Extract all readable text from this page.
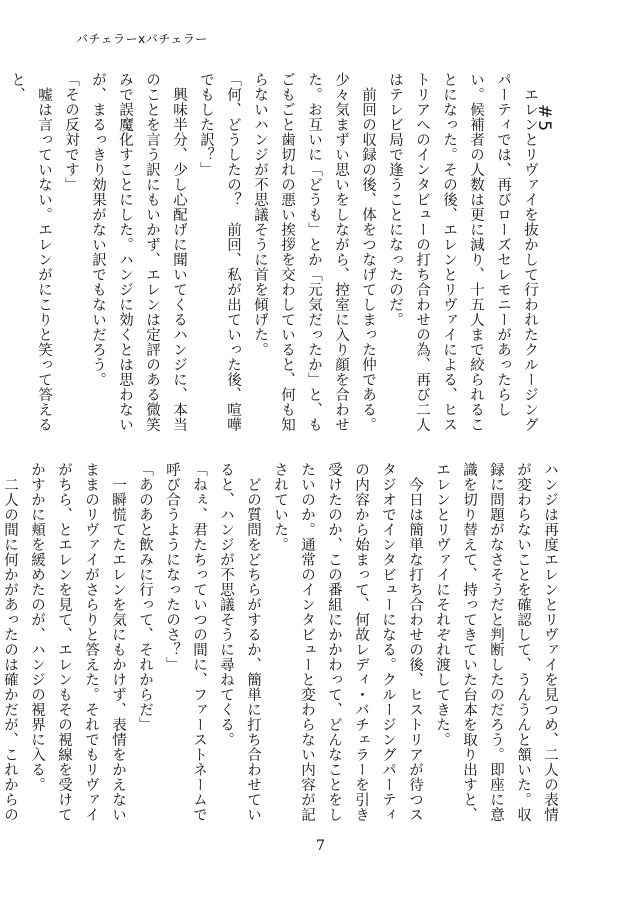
バチェラーxバチェラー
#5

エレンとリヴァイを抜かして行われたクルージングパーティでは、再びローズセレモニーがあったらしい。候補者の人数は更に減り、十五人まで絞られることになった。その後、エレンとリヴァイによる、ヒストリアへのインタビューの打ち合わせの為、再び二人はテレビ局で逢うことになったのだ。

前回の収録の後、体をつなげてしまった仲である。少々気まずい思いをしながら、控室に入り顔を合わせた。お互いに「どうも」とか「元気だったか」と、もごもごと歯切れの悪い挨拶を交わしていると、何も知らないハンジが不思議そうに首を傾げた。

「何、どうしたの？　前回、私が出ていった後、喧嘩でもした訳？」

興味半分、少し心配げに聞いてくるハンジに、本当のことを言う訳にもいかず、エレンは定評のある微笑みで誤魔化すことにした。ハンジに効くとは思わないが、まるっきり効果がない訳でもないだろう。

「その反対です」

嘘は言っていない。エレンがにこりと笑って答えると、

ハンジは再度エレンとリヴァイを見つめ、二人の表情が変わらないことを確認して、うんうんと頷いた。収録に問題がなさそうだと判断したのだろう。即座に意識を切り替えて、持ってきていた台本を取り出すと、エレンとリヴァイにそれぞれ渡してきた。

今日は簡単な打ち合わせの後、ヒストリアが待つスタジオでインタビューになる。クルージングパーティの内容から始まって、何故レディ・バチェラーを引き受けたのか、この番組にかかわって、どんなことをしたいのか。通常のインタビューと変わらない内容が記されていた。

どの質問をどちらがするか、簡単に打ち合わせていると、ハンジが不思議そうに尋ねてくる。

「ねぇ、君たちっていつの間に、ファーストネームで呼び合うようになったのさ？」

「あのあと飲みに行って、それからだ」

一瞬慌てたエレンを気にもかけず、表情をかえないままのリヴァイがさらりと答えた。それでもリヴァイがちら、とエレンを見て、エレンもその視線を受けてかすかに頬を緩めたのが、ハンジの視界に入る。

二人の間に何かがあったのは確かだが、これからの

7
